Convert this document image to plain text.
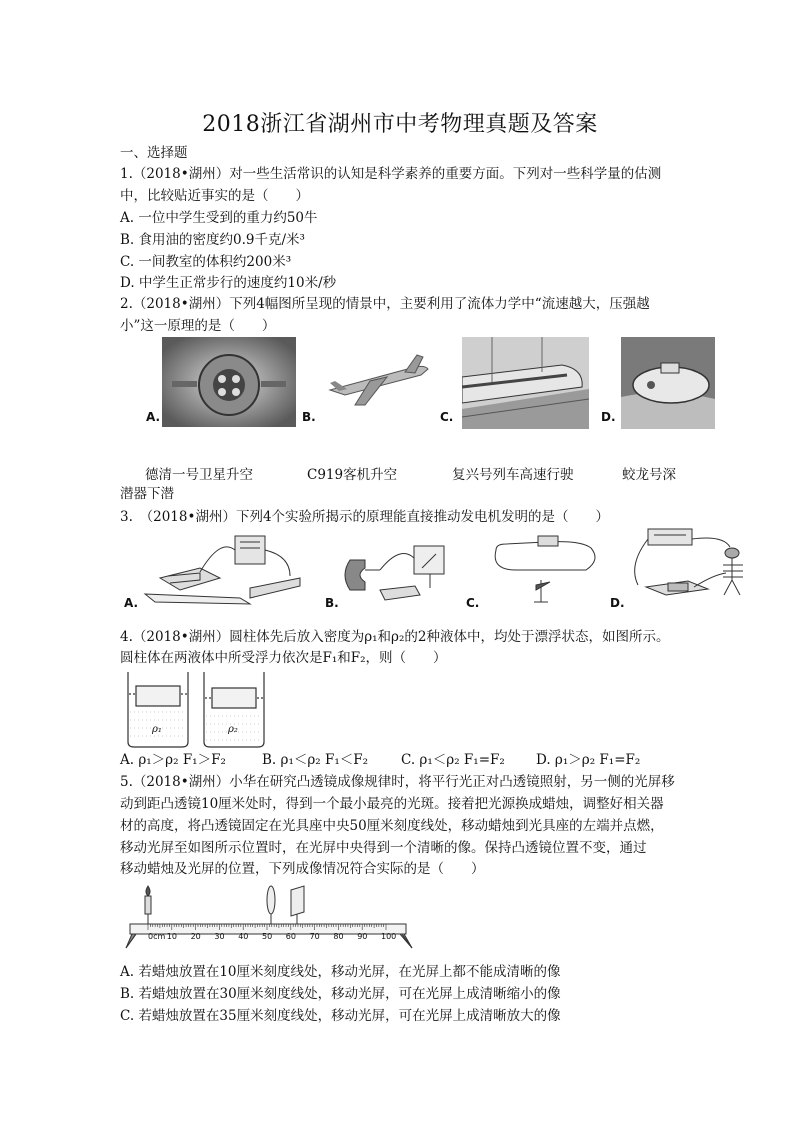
2018浙江省湖州市中考物理真题及答案
一、选择题
1.（2018•湖州）对一些生活常识的认知是科学素养的重要方面。下列对一些科学量的估测
中，比较贴近事实的是（　　）
A. 一位中学生受到的重力约50牛
B. 食用油的密度约0.9千克/米³
C. 一间教室的体积约200米³
D. 中学生正常步行的速度约10米/秒
2.（2018•湖州）下列4幅图所呈现的情景中，主要利用了流体力学中“流速越大，压强越
小”这一原理的是（　　）
A.	B.	C.	D.
德清一号卫星升空	C919客机升空	复兴号列车高速行驶	蛟龙号深
潜器下潜
3.　（2018•湖州）下列4个实验所揭示的原理能直接推动发电机发明的是（　　）
A.	B.	C.	D.
4.（2018•湖州）圆柱体先后放入密度为ρ₁和ρ₂的2种液体中，均处于漂浮状态，如图所示。
圆柱体在两液体中所受浮力依次是F₁和F₂，则（　　）
ρ₁	ρ₂
A. ρ₁＞ρ₂ F₁＞F₂	B. ρ₁＜ρ₂ F₁＜F₂ C. ρ₁＜ρ₂ F₁=F₂ D. ρ₁＞ρ₂ F₁=F₂
5.（2018•湖州）小华在研究凸透镜成像规律时，将平行光正对凸透镜照射，另一侧的光屏移
动到距凸透镜10厘米处时，得到一个最小最亮的光斑。接着把光源换成蜡烛，调整好相关器
材的高度，将凸透镜固定在光具座中央50厘米刻度线处，移动蜡烛到光具座的左端并点燃，
移动光屏至如图所示位置时，在光屏中央得到一个清晰的像。保持凸透镜位置不变，通过
移动蜡烛及光屏的位置，下列成像情况符合实际的是（　　）
0cm 10 20 30 40 50 60 70 80 90 100
A. 若蜡烛放置在10厘米刻度线处，移动光屏，在光屏上都不能成清晰的像
B. 若蜡烛放置在30厘米刻度线处，移动光屏，可在光屏上成清晰缩小的像
C. 若蜡烛放置在35厘米刻度线处，移动光屏，可在光屏上成清晰放大的像
